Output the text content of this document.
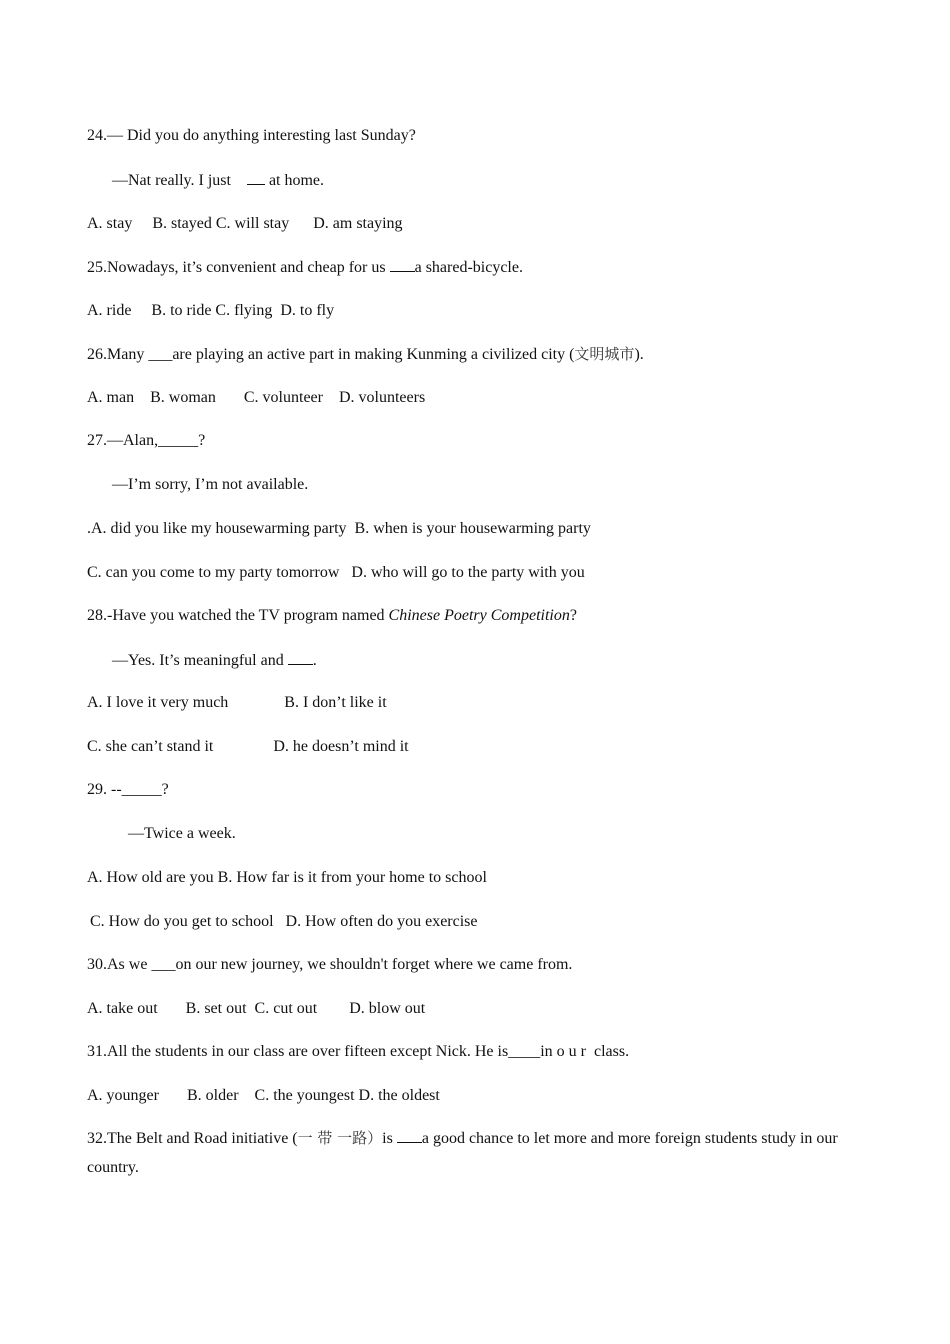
24.— Did you do anything interesting last Sunday?
—Nat really. I just     at home.
A. stay     B. stayed C. will stay      D. am staying
25.Nowadays, it’s convenient and cheap for us a shared-bicycle.
A. ride     B. to ride C. flying  D. to fly
26.Many ___are playing an active part in making Kunming a civilized city (文明城市).
A. man    B. woman       C. volunteer    D. volunteers
27.—Alan,_____?
—I’m sorry, I’m not available.
.A. did you like my housewarming party  B. when is your housewarming party
C. can you come to my party tomorrow   D. who will go to the party with you
28.-Have you watched the TV program named Chinese Poetry Competition?
—Yes. It’s meaningful and .
A. I love it very much              B. I don’t like it
C. she can’t stand it               D. he doesn’t mind it
29. --_____?
—Twice a week.
A. How old are you B. How far is it from your home to school
C. How do you get to school   D. How often do you exercise
30.As we ___on our new journey, we shouldn't forget where we came from.
A. take out       B. set out  C. cut out        D. blow out
31.All the students in our class are over fifteen except Nick. He is____in o u r  class.
A. younger       B. older    C. the youngest D. the oldest
32.The Belt and Road initiative (一 带 一路）is a good chance to let more and more foreign students study in our country.
